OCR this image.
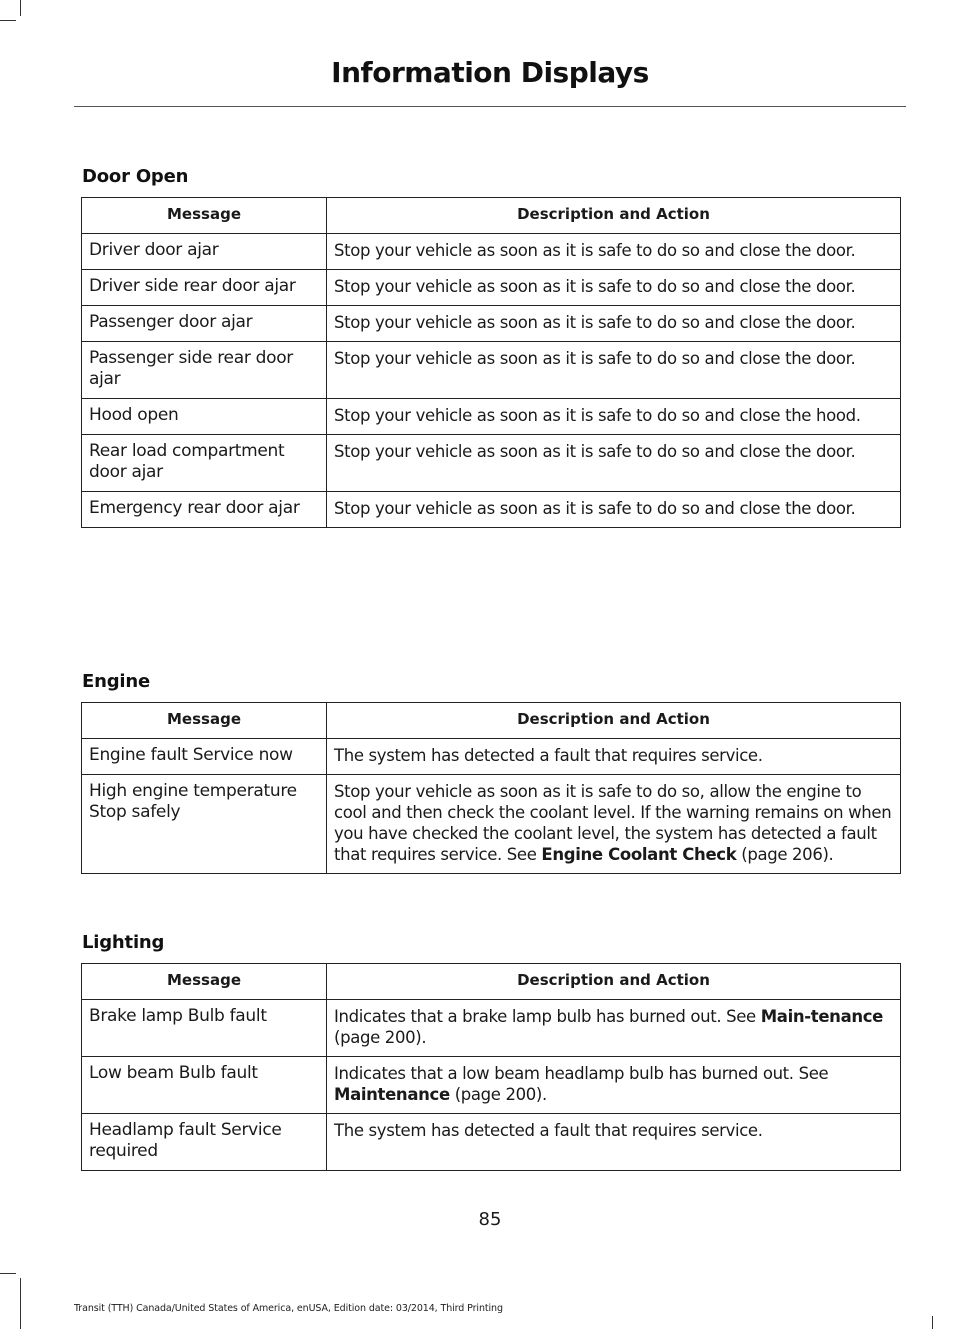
Information Displays
Door Open
Message	Description and Action
Driver door ajar	Stop your vehicle as soon as it is safe to do so and close the door.
Driver side rear door ajar	Stop your vehicle as soon as it is safe to do so and close the door.
Passenger door ajar	Stop your vehicle as soon as it is safe to do so and close the door.
Passenger side rear door ajar	Stop your vehicle as soon as it is safe to do so and close the door.
Hood open	Stop your vehicle as soon as it is safe to do so and close the hood.
Rear load compartment door ajar	Stop your vehicle as soon as it is safe to do so and close the door.
Emergency rear door ajar	Stop your vehicle as soon as it is safe to do so and close the door.
Engine
Message	Description and Action
Engine fault Service now	The system has detected a fault that requires service.
High engine temperature Stop safely	Stop your vehicle as soon as it is safe to do so, allow the engine to cool and then check the coolant level. If the warning remains on when you have checked the coolant level, the system has detected a fault that requires service. See Engine Coolant Check (page 206).
Lighting
Message	Description and Action
Brake lamp Bulb fault	Indicates that a brake lamp bulb has burned out. See Main-tenance (page 200).
Low beam Bulb fault	Indicates that a low beam headlamp bulb has burned out. See Maintenance (page 200).
Headlamp fault Service required	The system has detected a fault that requires service.
85
Transit (TTH) Canada/United States of America, enUSA, Edition date: 03/2014, Third Printing
